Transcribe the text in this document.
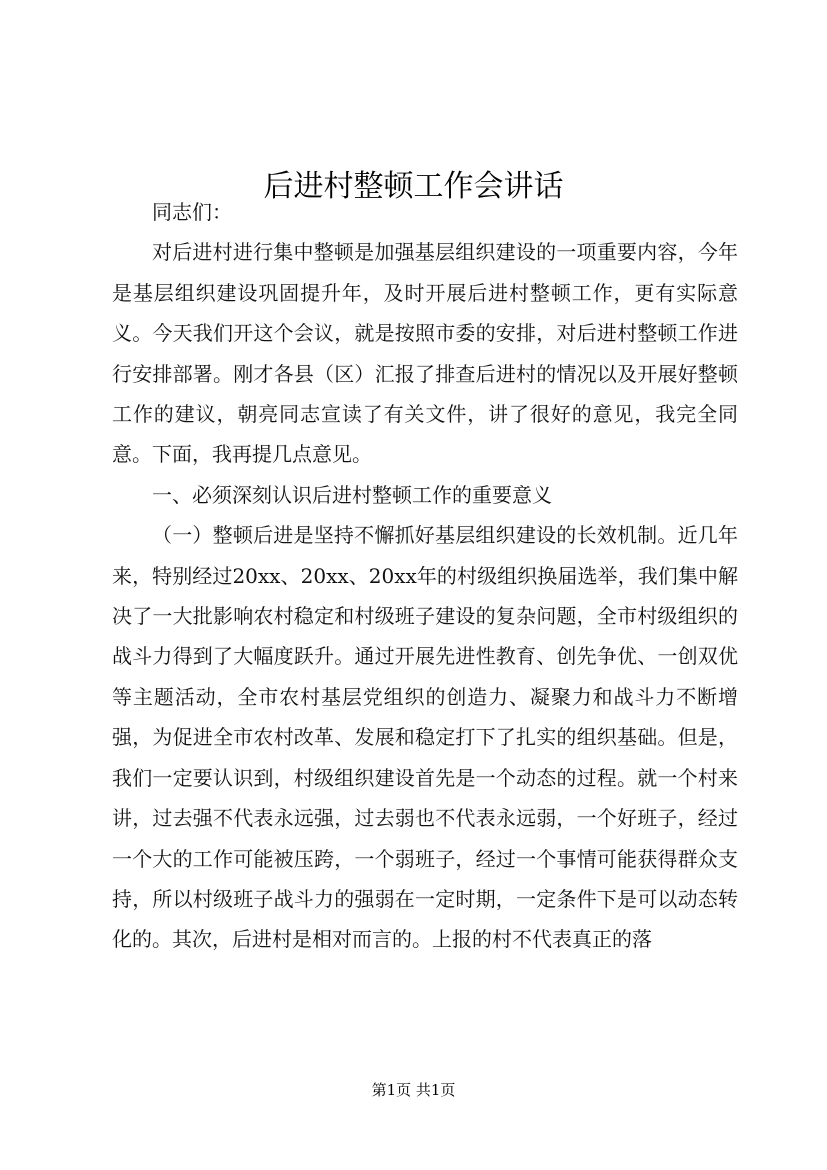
后进村整顿工作会讲话

同志们：

对后进村进行集中整顿是加强基层组织建设的一项重要内容，今年是基层组织建设巩固提升年，及时开展后进村整顿工作，更有实际意义。今天我们开这个会议，就是按照市委的安排，对后进村整顿工作进行安排部署。刚才各县（区）汇报了排查后进村的情况以及开展好整顿工作的建议，朝亮同志宣读了有关文件，讲了很好的意见，我完全同意。下面，我再提几点意见。

一、必须深刻认识后进村整顿工作的重要意义

（一）整顿后进是坚持不懈抓好基层组织建设的长效机制。近几年来，特别经过20xx、20xx、20xx年的村级组织换届选举，我们集中解决了一大批影响农村稳定和村级班子建设的复杂问题，全市村级组织的战斗力得到了大幅度跃升。通过开展先进性教育、创先争优、一创双优等主题活动，全市农村基层党组织的创造力、凝聚力和战斗力不断增强，为促进全市农村改革、发展和稳定打下了扎实的组织基础。但是，我们一定要认识到，村级组织建设首先是一个动态的过程。就一个村来讲，过去强不代表永远强，过去弱也不代表永远弱，一个好班子，经过一个大的工作可能被压跨，一个弱班子，经过一个事情可能获得群众支持，所以村级班子战斗力的强弱在一定时期，一定条件下是可以动态转化的。其次，后进村是相对而言的。上报的村不代表真正的落

第1页 共1页
